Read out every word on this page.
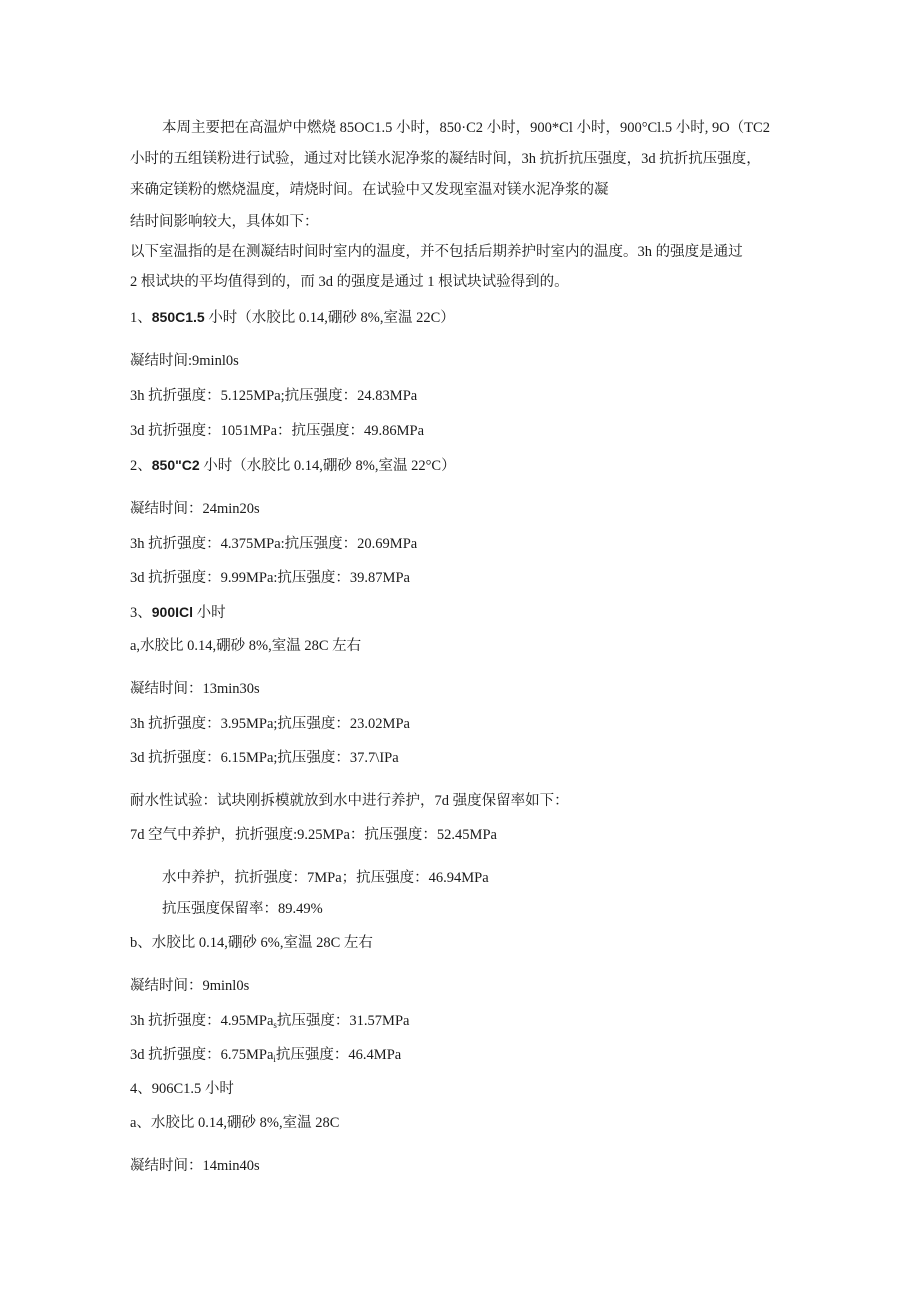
本周主要把在高温炉中燃烧 85OC1.5 小时，850·C2 小时，900*Cl 小时，900°Cl.5 小时, 9O（TC2

小时的五组镁粉进行试验，通过对比镁水泥净浆的凝结时间，3h 抗折抗压强度，3d 抗折抗压强度，

来确定镁粉的燃烧温度，靖烧时间。在试验中又发现室温对镁水泥净浆的凝

结时间影响较大，具体如下：

以下室温指的是在测凝结时间时室内的温度，并不包括后期养护时室内的温度。3h 的强度是通过

2 根试块的平均值得到的，而 3d 的强度是通过 1 根试块试验得到的。

1、850C1.5 小时（水胶比 0.14,硼砂 8%,室温 22C）

凝结时间:9minl0s

3h 抗折强度：5.125MPa;抗压强度：24.83MPa

3d 抗折强度：1051MPa：抗压强度：49.86MPa

2、850"C2 小时（水胶比 0.14,硼砂 8%,室温 22°C）

凝结时间：24min20s

3h 抗折强度：4.375MPa:抗压强度：20.69MPa

3d 抗折强度：9.99MPa:抗压强度：39.87MPa

3、900ICl 小时

a,水胶比 0.14,硼砂 8%,室温 28C 左右

凝结时间：13min30s

3h 抗折强度：3.95MPa;抗压强度：23.02MPa

3d 抗折强度：6.15MPa;抗压强度：37.7\IPa

耐水性试验：试块刚拆模就放到水中进行养护，7d 强度保留率如下：

7d 空气中养护，抗折强度:9.25MPa：抗压强度：52.45MPa

水中养护，抗折强度：7MPa；抗压强度：46.94MPa

抗压强度保留率：89.49%

b、水胶比 0.14,硼砂 6%,室温 28C 左右

凝结时间：9minl0s

3h 抗折强度：4.95MPa$_s$抗压强度：31.57MPa

3d 抗折强度：6.75MPa$_i$抗压强度：46.4MPa

4、906C1.5 小时

a、水胶比 0.14,硼砂 8%,室温 28C

凝结时间：14min40s
